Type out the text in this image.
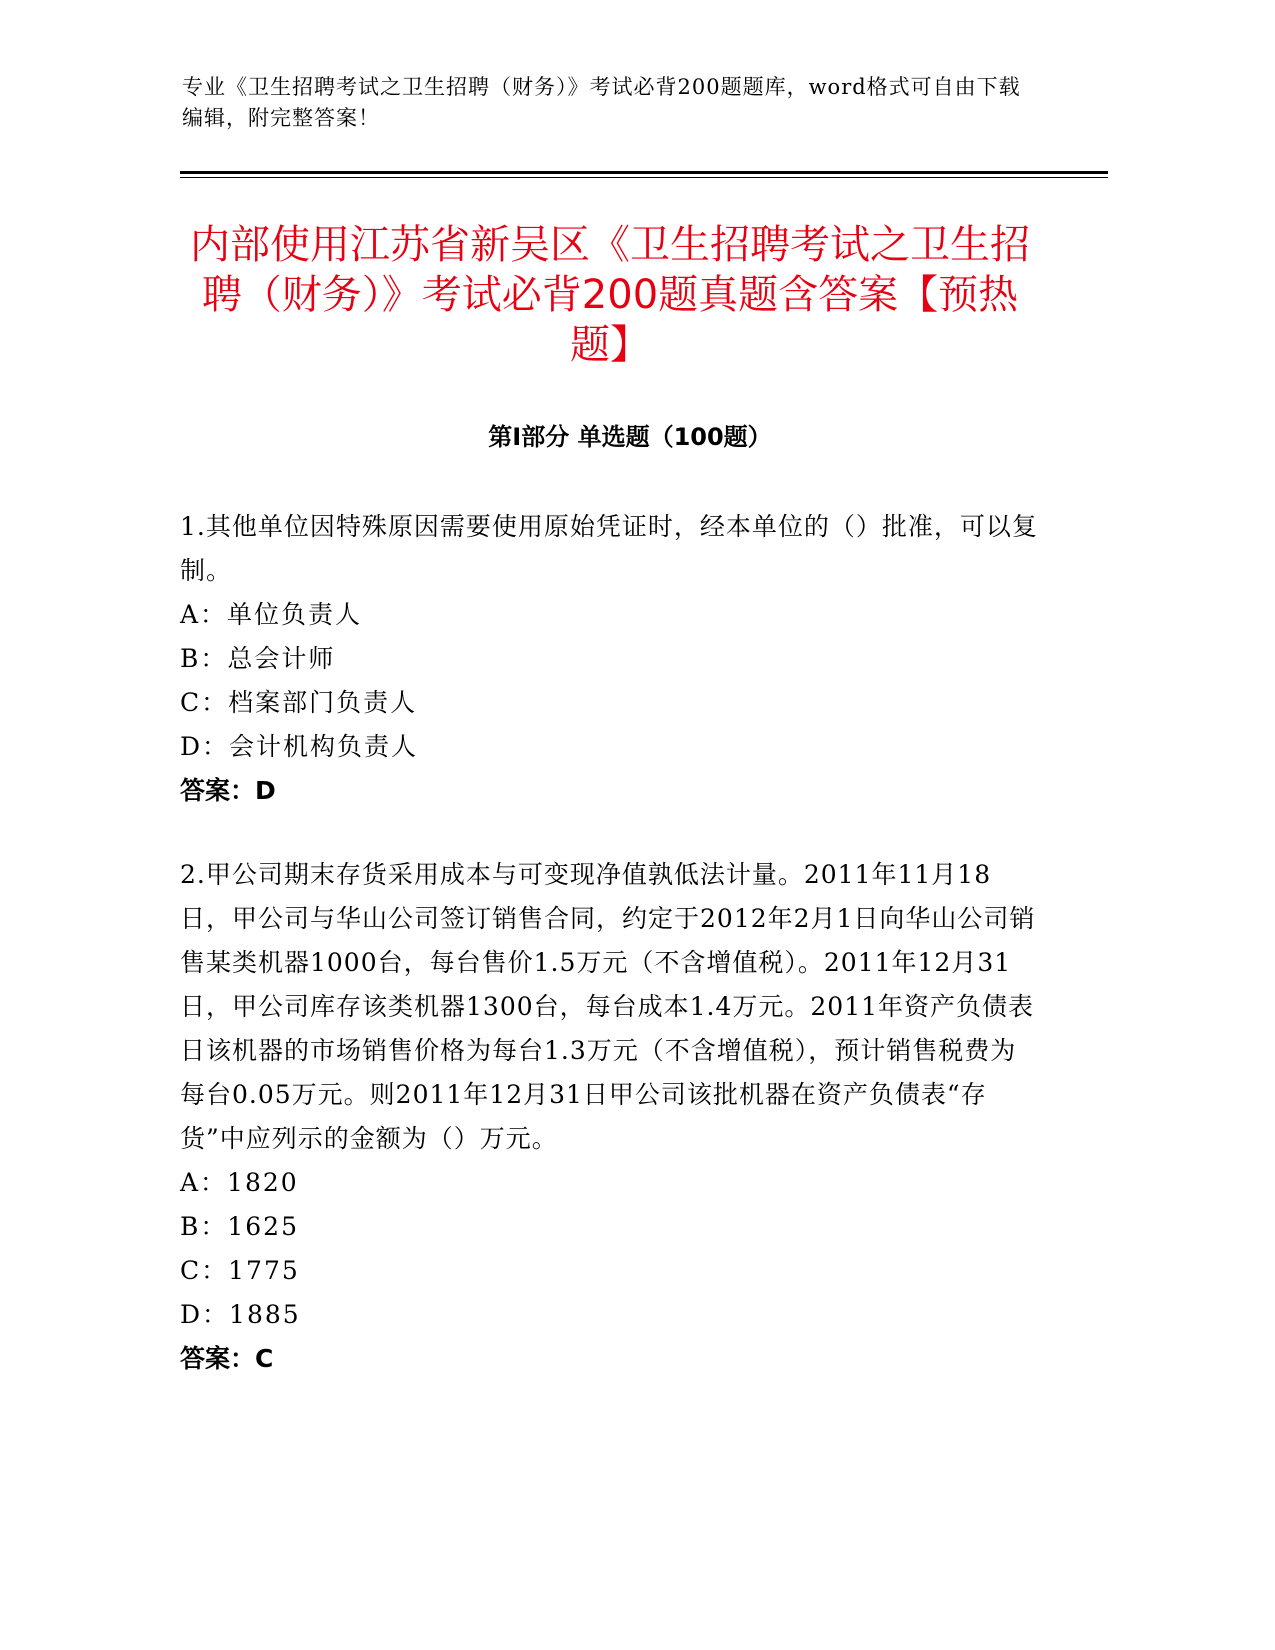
专业《卫生招聘考试之卫生招聘（财务）》考试必背200题题库，word格式可自由下载编辑，附完整答案！
内部使用江苏省新吴区《卫生招聘考试之卫生招聘（财务）》考试必背200题真题含答案【预热题】
第I部分 单选题（100题）

1.其他单位因特殊原因需要使用原始凭证时，经本单位的（）批准，可以复制。

A：单位负责人

B：总会计师

C：档案部门负责人

D：会计机构负责人

答案：D

2.甲公司期末存货采用成本与可变现净值孰低法计量。2011年11月18日，甲公司与华山公司签订销售合同，约定于2012年2月1日向华山公司销售某类机器1000台，每台售价1.5万元（不含增值税）。2011年12月31日，甲公司库存该类机器1300台，每台成本1.4万元。2011年资产负债表日该机器的市场销售价格为每台1.3万元（不含增值税），预计销售税费为每台0.05万元。则2011年12月31日甲公司该批机器在资产负债表“存货”中应列示的金额为（）万元。

A：1820

B：1625

C：1775

D：1885

答案：C
